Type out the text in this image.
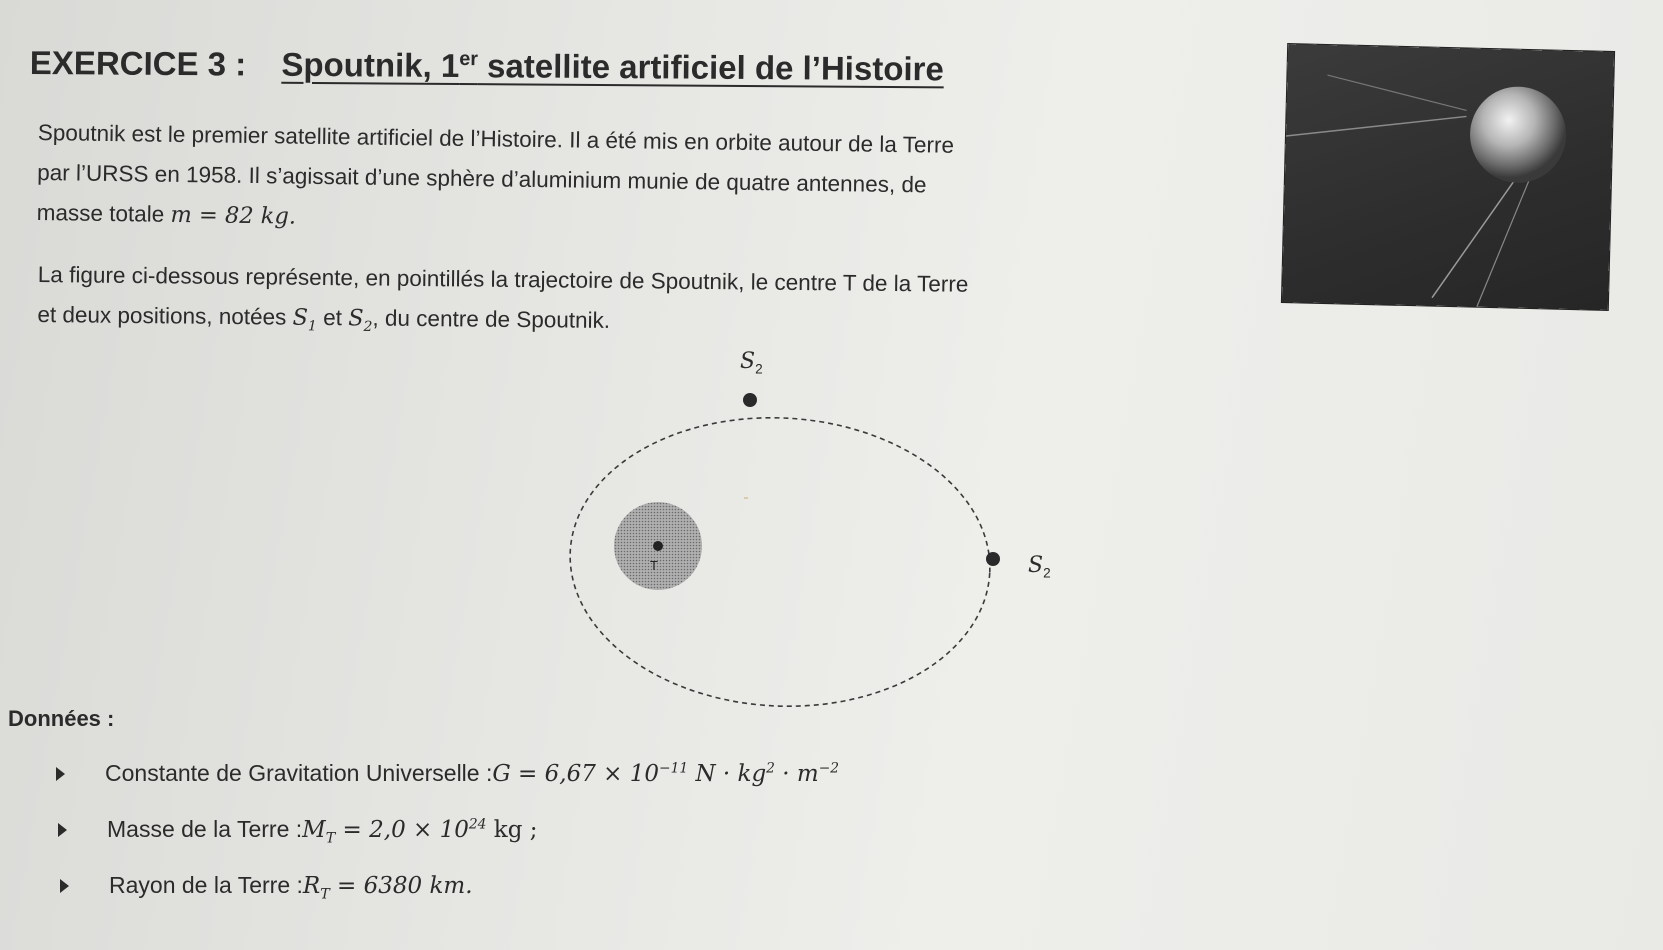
EXERCICE 3 : Spoutnik, 1er satellite artificiel de l’Histoire
Spoutnik est le premier satellite artificiel de l’Histoire. Il a été mis en orbite autour de la Terre
par l’URSS en 1958. Il s’agissait d’une sphère d’aluminium munie de quatre antennes, de
masse totale m = 82 kg.
La figure ci-dessous représente, en pointillés la trajectoire de Spoutnik, le centre T de la Terre
et deux positions, notées $S_1$ et $S_2$, du centre de Spoutnik.
$S_2$
$S_2$
T
Données :
Constante de Gravitation Universelle : $G = 6,67 \times 10^{-11}$ $N \cdot kg^2 \cdot m^{-2}$
Masse de la Terre : $M_T = 2,0 \times 10^{24}$ kg ;
Rayon de la Terre : $R_T = 6380$ km.
